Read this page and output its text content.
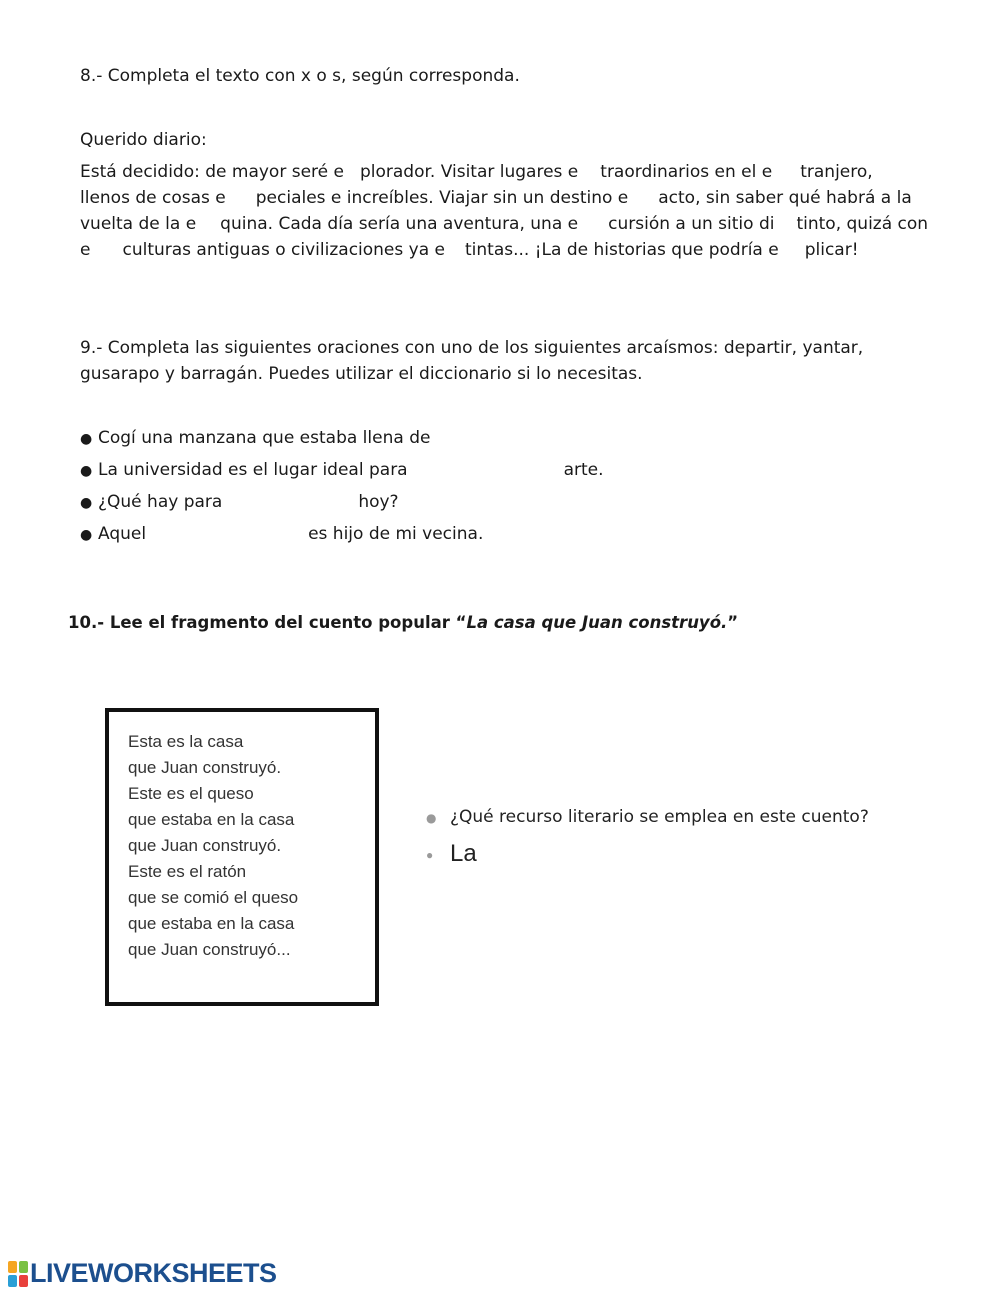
8.- Completa el texto con x o s, según corresponda.
Querido diario:
Está decidido: de mayor seré e plorador. Visitar lugares e traordinarios en el e tranjero,
llenos de cosas e peciales e increíbles. Viajar sin un destino e acto, sin saber qué habrá a la
vuelta de la e quina. Cada día sería una aventura, una e cursión a un sitio di tinto, quizá con
e culturas antiguas o civilizaciones ya e tintas... ¡La de historias que podría e plicar!
9.- Completa las siguientes oraciones con uno de los siguientes arcaísmos: departir, yantar,
gusarapo y barragán. Puedes utilizar el diccionario si lo necesitas.
● Cogí una manzana que estaba llena de
● La universidad es el lugar ideal para	arte.
● ¿Qué hay para	hoy?
● Aquel	es hijo de mi vecina.
10.- Lee el fragmento del cuento popular “La casa que Juan construyó.”
Esta es la casa
que Juan construyó.
Este es el queso
que estaba en la casa
que Juan construyó.
Este es el ratón
que se comió el queso
que estaba en la casa
que Juan construyó...
● ¿Qué recurso literario se emplea en este cuento?
● La
LIVEWORKSHEETS
